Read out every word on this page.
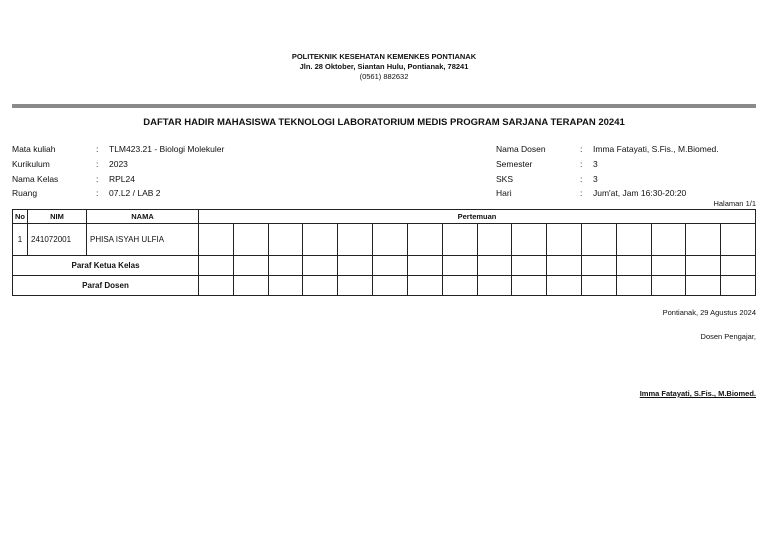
POLITEKNIK KESEHATAN KEMENKES PONTIANAK
Jln. 28 Oktober, Siantan Hulu, Pontianak, 78241
(0561) 882632
DAFTAR HADIR MAHASISWA TEKNOLOGI LABORATORIUM MEDIS PROGRAM SARJANA TERAPAN 20241
Mata kuliah	:	TLM423.21 - Biologi Molekuler
Kurikulum	:	2023
Nama Kelas	:	RPL24
Ruang	:	07.L2 / LAB 2
Nama Dosen	:	Imma Fatayati, S.Fis., M.Biomed.
Semester	:	3
SKS	:	3
Hari	:	Jum'at, Jam 16:30-20:20
Halaman 1/1
No	NIM	NAMA	Pertemuan															
1	241072001	PHISA ISYAH ULFIA																
Paraf Ketua Kelas																		
Paraf Dosen																		
Pontianak, 29 Agustus 2024
Dosen Pengajar,
Imma Fatayati, S.Fis., M.Biomed.
